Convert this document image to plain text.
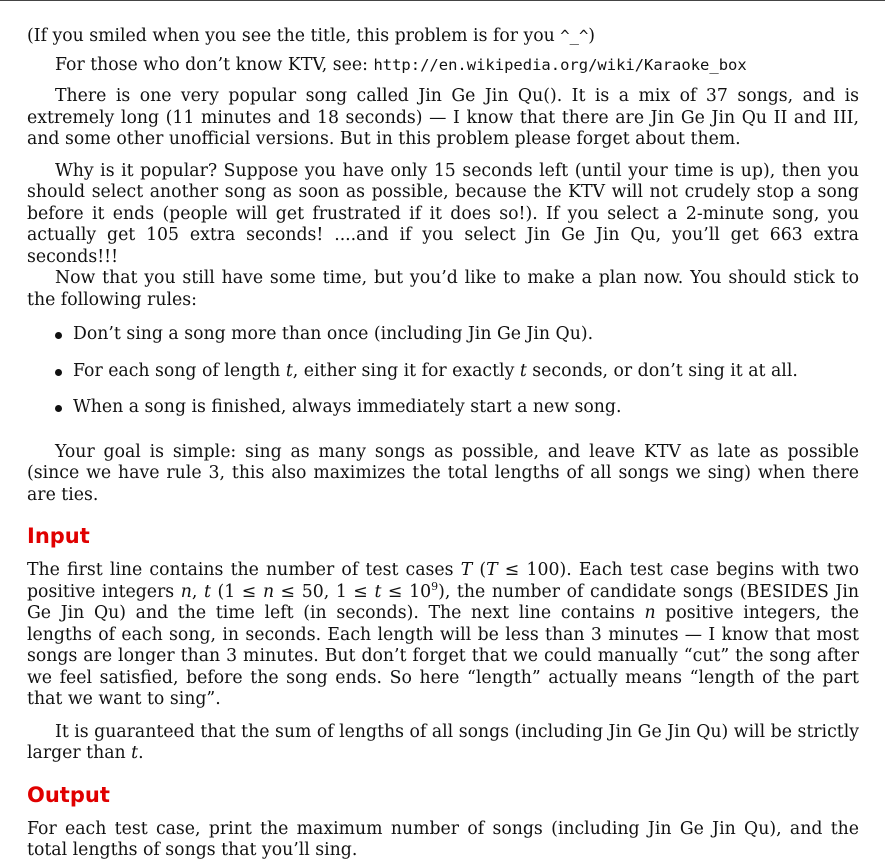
(If you smiled when you see the title, this problem is for you ^_^)

For those who don’t know KTV, see: http://en.wikipedia.org/wiki/Karaoke_box

There is one very popular song called Jin Ge Jin Qu(). It is a mix of 37 songs, and is extremely long (11 minutes and 18 seconds) — I know that there are Jin Ge Jin Qu II and III, and some other unofficial versions. But in this problem please forget about them.

Why is it popular? Suppose you have only 15 seconds left (until your time is up), then you should select another song as soon as possible, because the KTV will not crudely stop a song before it ends (people will get frustrated if it does so!). If you select a 2-minute song, you actually get 105 extra seconds! ....and if you select Jin Ge Jin Qu, you’ll get 663 extra seconds!!!

Now that you still have some time, but you’d like to make a plan now. You should stick to the following rules:

Don’t sing a song more than once (including Jin Ge Jin Qu).
For each song of length t, either sing it for exactly t seconds, or don’t sing it at all.
When a song is finished, always immediately start a new song.

Your goal is simple: sing as many songs as possible, and leave KTV as late as possible (since we have rule 3, this also maximizes the total lengths of all songs we sing) when there are ties.

Input

The first line contains the number of test cases T (T ≤ 100). Each test case begins with two positive integers n, t (1 ≤ n ≤ 50, $1 \le t \le 10^9$), the number of candidate songs (BESIDES Jin Ge Jin Qu) and the time left (in seconds). The next line contains n positive integers, the lengths of each song, in seconds. Each length will be less than 3 minutes — I know that most songs are longer than 3 minutes. But don’t forget that we could manually “cut” the song after we feel satisfied, before the song ends. So here “length” actually means “length of the part that we want to sing”.

It is guaranteed that the sum of lengths of all songs (including Jin Ge Jin Qu) will be strictly larger than t.

Output

For each test case, print the maximum number of songs (including Jin Ge Jin Qu), and the total lengths of songs that you’ll sing.
